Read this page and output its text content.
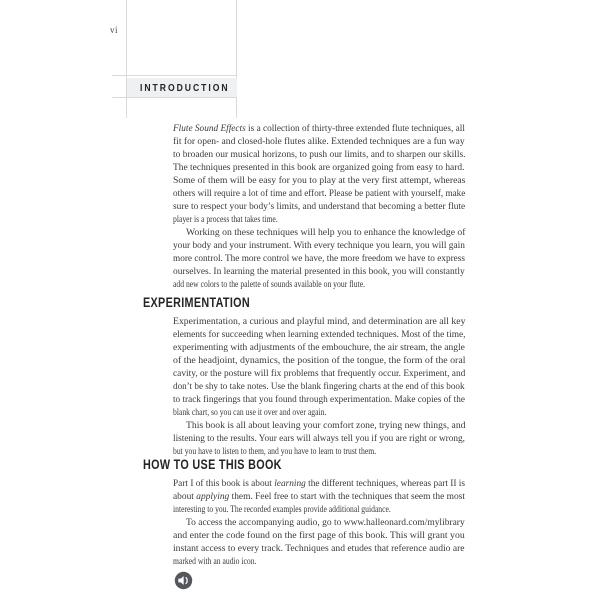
vi
INTRODUCTION
Flute Sound Effects is a collection of thirty-three extended flute techniques, all
fit for open- and closed-hole flutes alike. Extended techniques are a fun way
to broaden our musical horizons, to push our limits, and to sharpen our skills.
The techniques presented in this book are organized going from easy to hard.
Some of them will be easy for you to play at the very first attempt, whereas
others will require a lot of time and effort. Please be patient with yourself, make
sure to respect your body’s limits, and understand that becoming a better flute
player is a process that takes time.
Working on these techniques will help you to enhance the knowledge of
your body and your instrument. With every technique you learn, you will gain
more control. The more control we have, the more freedom we have to express
ourselves. In learning the material presented in this book, you will constantly
add new colors to the palette of sounds available on your flute.
EXPERIMENTATION
Experimentation, a curious and playful mind, and determination are all key
elements for succeeding when learning extended techniques. Most of the time,
experimenting with adjustments of the embouchure, the air stream, the angle
of the headjoint, dynamics, the position of the tongue, the form of the oral
cavity, or the posture will fix problems that frequently occur. Experiment, and
don’t be shy to take notes. Use the blank fingering charts at the end of this book
to track fingerings that you found through experimentation. Make copies of the
blank chart, so you can use it over and over again.
This book is all about leaving your comfort zone, trying new things, and
listening to the results. Your ears will always tell you if you are right or wrong,
but you have to listen to them, and you have to learn to trust them.
HOW TO USE THIS BOOK
Part I of this book is about learning the different techniques, whereas part II is
about applying them. Feel free to start with the techniques that seem the most
interesting to you. The recorded examples provide additional guidance.
To access the accompanying audio, go to www.halleonard.com/mylibrary
and enter the code found on the first page of this book. This will grant you
instant access to every track. Techniques and etudes that reference audio are
marked with an audio icon.
